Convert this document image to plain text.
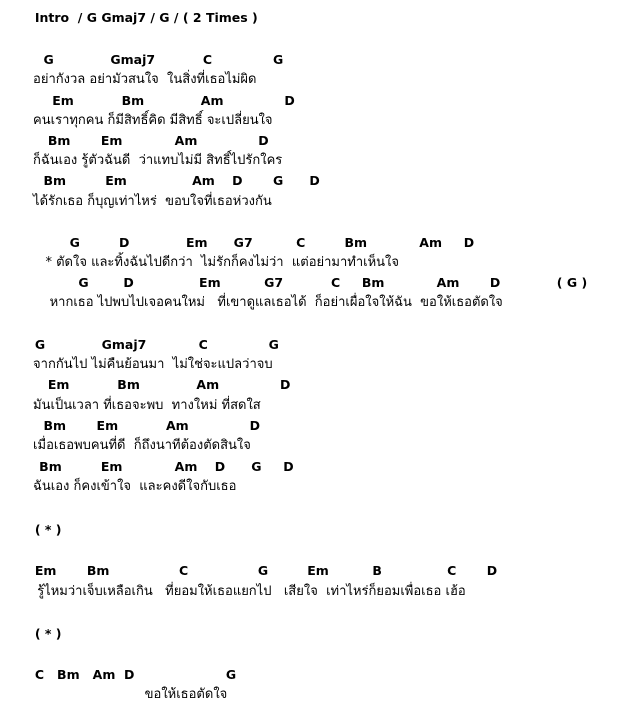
Intro  / G Gmaj7 / G / ( 2 Times )

G             Gmaj7           C              G

อย่ากังวล อย่ามัวสนใจ  ในสิ่งที่เธอไม่ผิด

Em           Bm             Am              D

คนเราทุกคน ก็มีสิทธิ์คิด มีสิทธิ์ จะเปลี่ยนใจ

Bm       Em            Am              D

ก็ฉันเอง รู้ตัวฉันดี  ว่าแทบไม่มี สิทธิ์ไปรักใคร

Bm         Em               Am    D       G      D

ได้รักเธอ ก็บุญเท่าไหร่  ขอบใจที่เธอห่วงกัน

G         D             Em      G7          C         Bm            Am     D

* ตัดใจ และทิ้งฉันไปดีกว่า  ไม่รักก็คงไม่ว่า  แต่อย่ามาทำเห็นใจ

G        D               Em          G7           C     Bm            Am       D             ( G )

หากเธอ ไปพบไปเจอคนใหม่   ที่เขาดูแลเธอได้  ก็อย่าเผื่อใจให้ฉัน  ขอให้เธอตัดใจ

G             Gmaj7            C              G

จากกันไป ไม่คืนย้อนมา  ไม่ใช่จะแปลว่าจบ

Em           Bm             Am              D

มันเป็นเวลา ที่เธอจะพบ  ทางใหม่ ที่สดใส

Bm       Em           Am              D

เมื่อเธอพบคนที่ดี  ก็ถึงนาทีต้องตัดสินใจ

Bm         Em            Am    D      G     D

ฉันเอง ก็คงเข้าใจ  และคงดีใจกับเธอ

( * )

Em       Bm                C                G         Em          B               C       D

รู้ไหมว่าเจ็บเหลือเกิน   ที่ยอมให้เธอแยกไป   เสียใจ  เท่าไหร่ก็ยอมเพื่อเธอ เฮ้อ

( * )

C   Bm   Am  D                     G

ขอให้เธอตัดใจ
